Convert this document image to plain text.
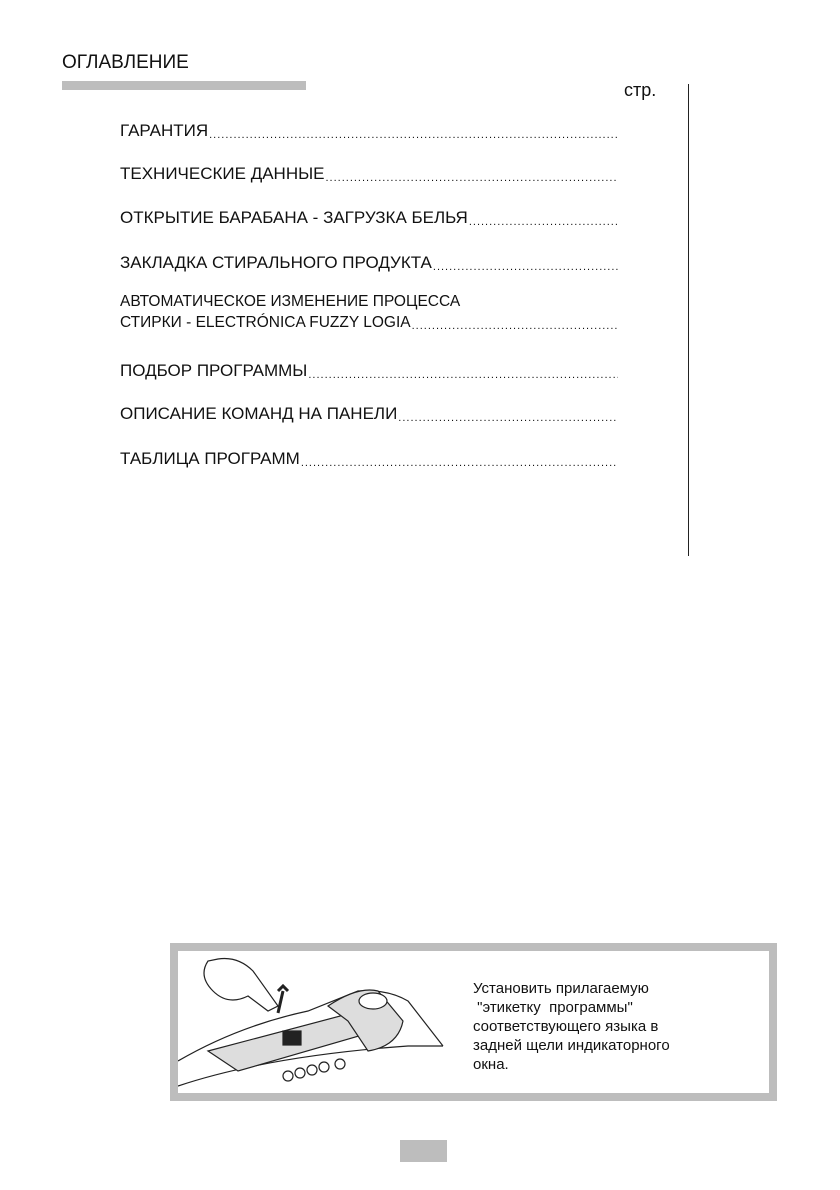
ОГЛАВЛЕНИЕ
стр.
ГАРАНТИЯ
.....
ТЕХНИЧЕСКИЕ ДАННЫЕ
.....
ОТКРЫТИЕ БАРАБАНА - ЗАГРУЗКА БЕЛЬЯ
.....
ЗАКЛАДКА СТИРАЛЬНОГО ПРОДУКТА
.....
АВТОМАТИЧЕСКОЕ ИЗМЕНЕНИЕ ПРОЦЕССА
СТИРКИ - ELECTRÓNICA FUZZY LOGIA
.....
ПОДБОР ПРОГРАММЫ
.....
ОПИСАНИЕ КОМАНД НА ПАНЕЛИ
.....
ТАБЛИЦА ПРОГРАММ
.....
Установить прилагаемую
"этикетку  программы"
соответствующего языка в
задней щели индикаторного
окна.
